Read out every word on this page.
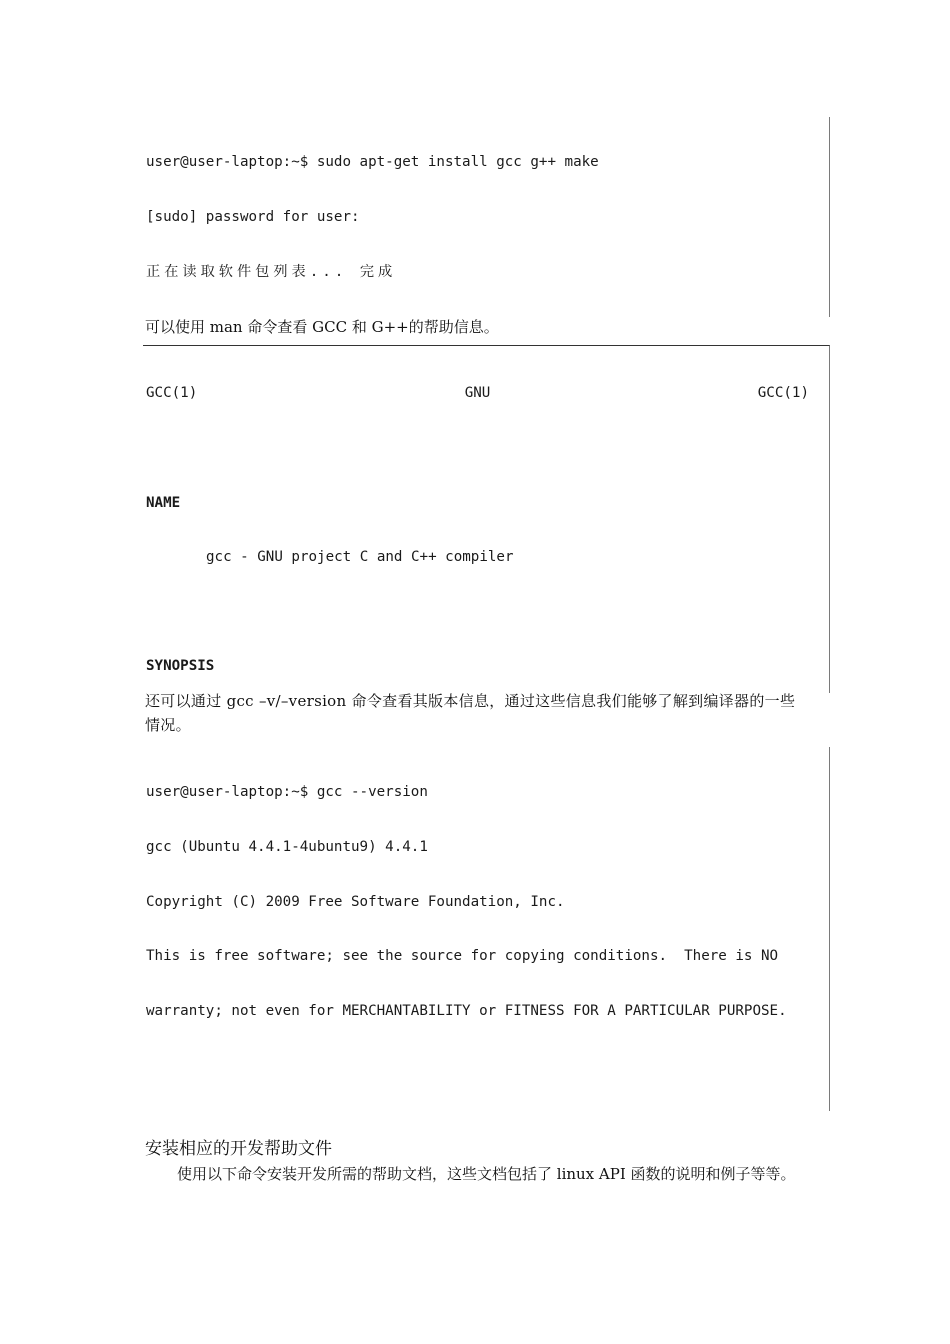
user@user-laptop:~$ sudo apt-get install gcc g++ make

[sudo] password for user:

正在读取软件包列表... 完成

可以使用 man 命令查看 GCC 和 G++的帮助信息。

GCC(1)	GNU	GCC(1)

NAME

gcc - GNU project C and C++ compiler

SYNOPSIS

还可以通过 gcc –v/–version 命令查看其版本信息，通过这些信息我们能够了解到编译器的一些情况。

user@user-laptop:~$ gcc --version

gcc (Ubuntu 4.4.1-4ubuntu9) 4.4.1

Copyright (C) 2009 Free Software Foundation, Inc.

This is free software; see the source for copying conditions.  There is NO

warranty; not even for MERCHANTABILITY or FITNESS FOR A PARTICULAR PURPOSE.

安装相应的开发帮助文件
使用以下命令安装开发所需的帮助文档，这些文档包括了 linux API 函数的说明和例子等等。
